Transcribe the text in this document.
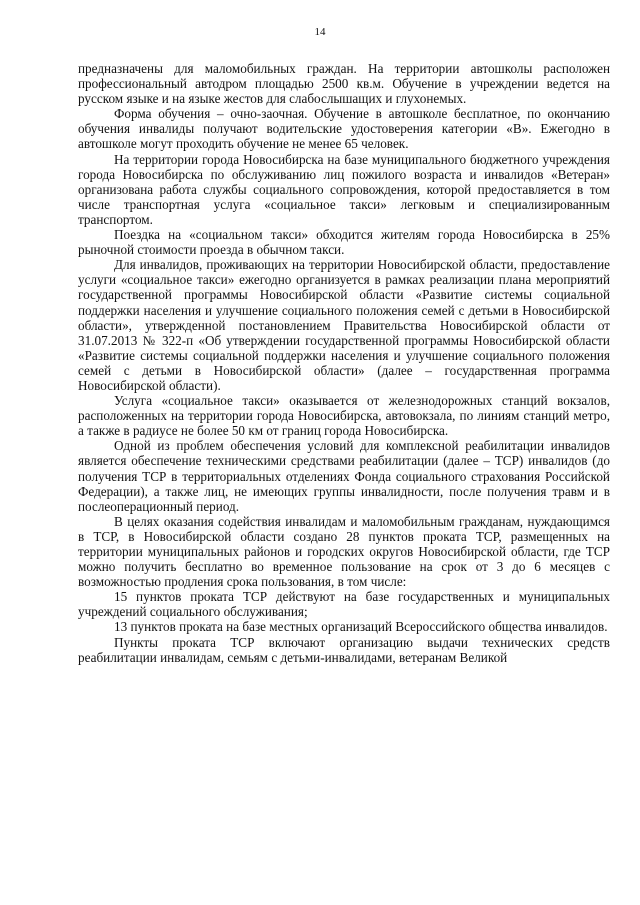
14

предназначены для маломобильных граждан. На территории автошколы расположен профессиональный автодром площадью 2500 кв.м. Обучение в учреждении ведется на русском языке и на языке жестов для слабослышащих и глухонемых.

Форма обучения – очно-заочная. Обучение в автошколе бесплатное, по окончанию обучения инвалиды получают водительские удостоверения категории «В». Ежегодно в автошколе могут проходить обучение не менее 65 человек.

На территории города Новосибирска на базе муниципального бюджетного учреждения города Новосибирска по обслуживанию лиц пожилого возраста и инвалидов «Ветеран» организована работа службы социального сопровождения, которой предоставляется в том числе транспортная услуга «социальное такси» легковым и специализированным транспортом.

Поездка на «социальном такси» обходится жителям города Новосибирска в 25% рыночной стоимости проезда в обычном такси.

Для инвалидов, проживающих на территории Новосибирской области, предоставление услуги «социальное такси» ежегодно организуется в рамках реализации плана мероприятий государственной программы Новосибирской области «Развитие системы социальной поддержки населения и улучшение социального положения семей с детьми в Новосибирской области», утвержденной постановлением Правительства Новосибирской области от 31.07.2013 № 322-п «Об утверждении государственной программы Новосибирской области «Развитие системы социальной поддержки населения и улучшение социального положения семей с детьми в Новосибирской области» (далее – государственная программа Новосибирской области).

Услуга «социальное такси» оказывается от железнодорожных станций вокзалов, расположенных на территории города Новосибирска, автовокзала, по линиям станций метро, а также в радиусе не более 50 км от границ города Новосибирска.

Одной из проблем обеспечения условий для комплексной реабилитации инвалидов является обеспечение техническими средствами реабилитации (далее – ТСР) инвалидов (до получения ТСР в территориальных отделениях Фонда социального страхования Российской Федерации), а также лиц, не имеющих группы инвалидности, после получения травм и в послеоперационный период.

В целях оказания содействия инвалидам и маломобильным гражданам, нуждающимся в ТСР, в Новосибирской области создано 28 пунктов проката ТСР, размещенных на территории муниципальных районов и городских округов Новосибирской области, где ТСР можно получить бесплатно во временное пользование на срок от 3 до 6 месяцев с возможностью продления срока пользования, в том числе:

15 пунктов проката ТСР действуют на базе государственных и муниципальных учреждений социального обслуживания;

13 пунктов проката на базе местных организаций Всероссийского общества инвалидов.

Пункты проката ТСР включают организацию выдачи технических средств реабилитации инвалидам, семьям с детьми-инвалидами, ветеранам Великой
